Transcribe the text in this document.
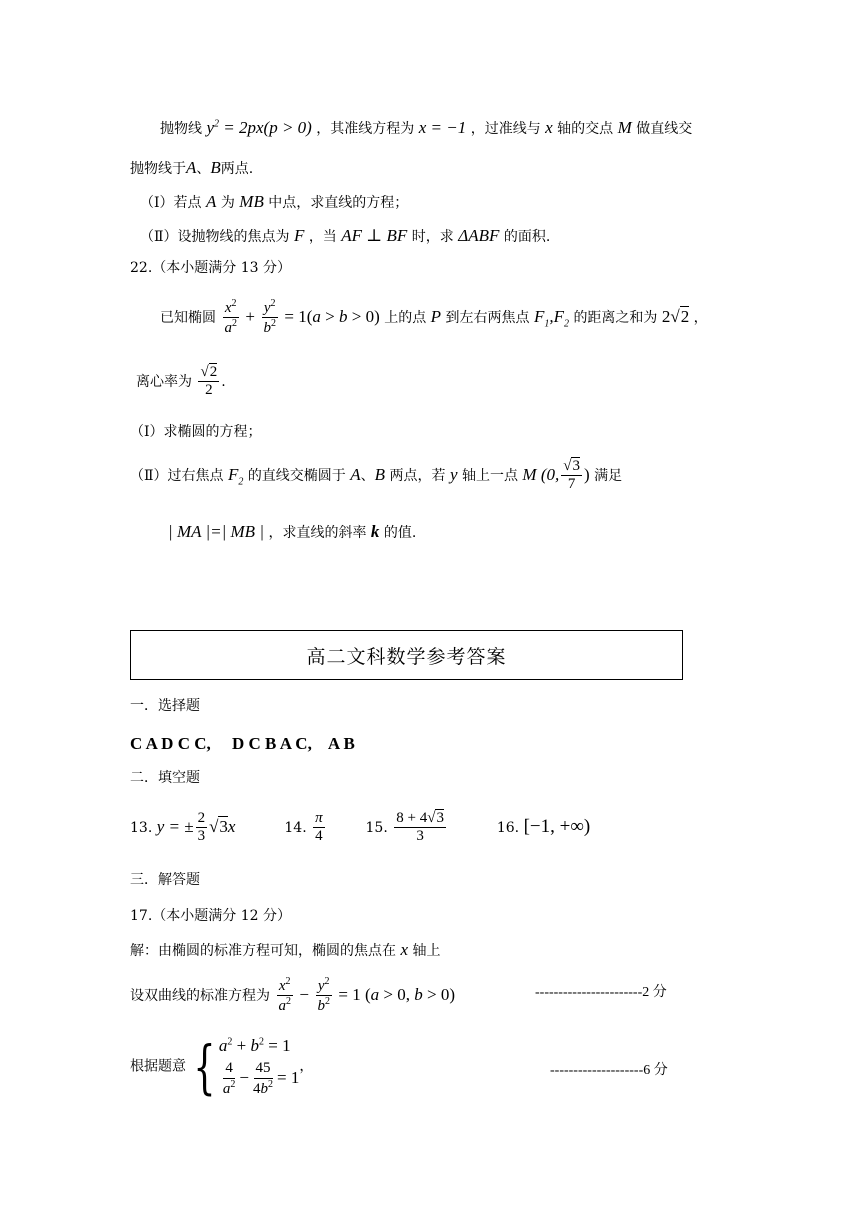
抛物线 $y^2 = 2px(p > 0)$ ，其准线方程为 x = −1 ，过准线与 x 轴的交点 M 做直线交
抛物线于A、B两点.
（Ⅰ）若点 A 为 MB 中点，求直线的方程；
（Ⅱ）设抛物线的焦点为 F ，当 AF ⊥ BF 时，求 ΔABF 的面积.
22.（本小题满分 13 分）
已知椭圆 $\frac{x^2}{a^2} + \frac{y^2}{b^2} = 1(a > b > 0)$ 上的点 P 到左右两焦点 $F_1,F_2$ 的距离之和为 2√2 ，
离心率为 $\frac{√2}{2}$ .
（Ⅰ）求椭圆的方程；
（Ⅱ）过右焦点 $F_2$ 的直线交椭圆于 A、B 两点，若 y 轴上一点 M (0, $\frac{√3}{7}$ ) 满足
| MA |=| MB | ，求直线的斜率 k 的值.
高二文科数学参考答案
一．选择题
C A D C C,     D C B A C,    A B
二．填空题
13. y = ± $\frac{2}{3} √3x$	14. $\frac{\pi}{4}$	15. $\frac{8 + 4√3}{3}$	16. [−1, +∞)
三．解答题
17.（本小题满分 12 分）
解：由椭圆的标准方程可知，椭圆的焦点在 x 轴上
设双曲线的标准方程为 $\frac{x^2}{a^2} - \frac{y^2}{b^2} = 1$ (a > 0, b > 0)	-----------------------2 分
根据题意 { $a^2 + b^2 = 1$
$\frac{4}{a^2} - \frac{45}{4b^2} = 1$
，	--------------------6 分
